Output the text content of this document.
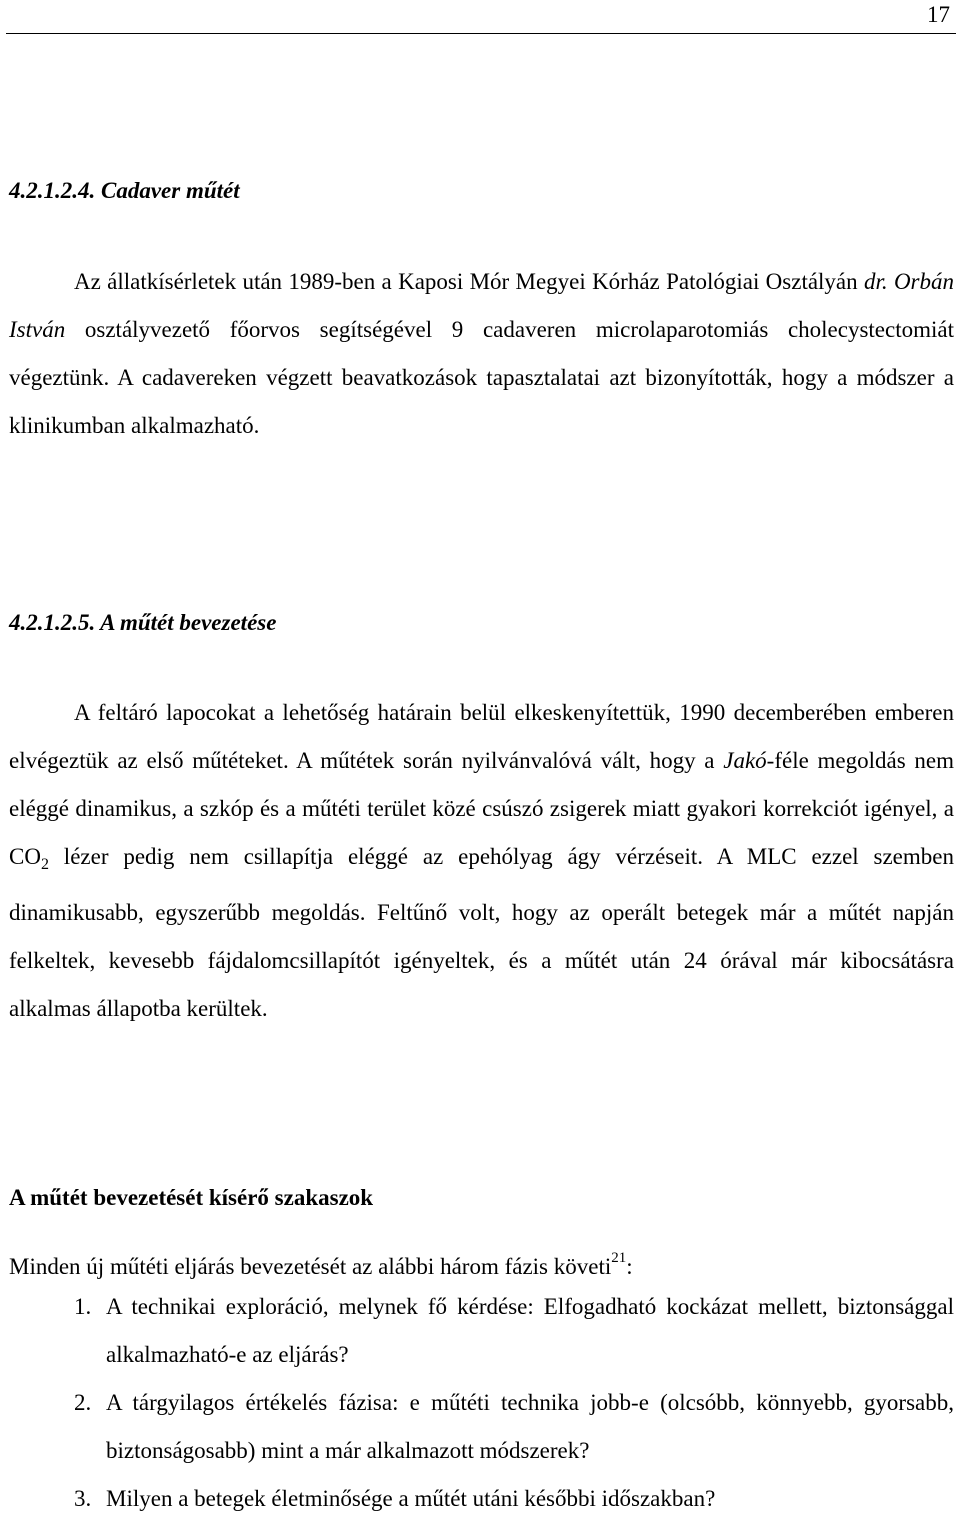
17
4.2.1.2.4. Cadaver műtét

Az állatkísérletek után 1989-ben a Kaposi Mór Megyei Kórház Patológiai Osztályán dr. Orbán István osztályvezető főorvos segítségével 9 cadaveren microlaparotomiás cholecystectomiát végeztünk. A cadavereken végzett beavatkozások tapasztalatai azt bizonyították, hogy a módszer a klinikumban alkalmazható.

4.2.1.2.5. A műtét bevezetése

A feltáró lapocokat a lehetőség határain belül elkeskenyítettük, 1990 decemberében emberen elvégeztük az első műtéteket. A műtétek során nyilvánvalóvá vált, hogy a Jakó-féle megoldás nem eléggé dinamikus, a szkóp és a műtéti terület közé csúszó zsigerek miatt gyakori korrekciót igényel, a $CO_2$ lézer pedig nem csillapítja eléggé az epehólyag ágy vérzéseit. A MLC ezzel szemben dinamikusabb, egyszerűbb megoldás. Feltűnő volt, hogy az operált betegek már a műtét napján felkeltek, kevesebb fájdalomcsillapítót igényeltek, és a műtét után 24 órával már kibocsátásra alkalmas állapotba kerültek.

A műtét bevezetését kísérő szakaszok

Minden új műtéti eljárás bevezetését az alábbi három fázis követi$^{21}$:

1. A technikai exploráció, melynek fő kérdése: Elfogadható kockázat mellett, biztonsággal alkalmazható-e az eljárás?
2. A tárgyilagos értékelés fázisa: e műtéti technika jobb-e (olcsóbb, könnyebb, gyorsabb, biztonságosabb) mint a már alkalmazott módszerek?
3. Milyen a betegek életminősége a műtét utáni későbbi időszakban?
